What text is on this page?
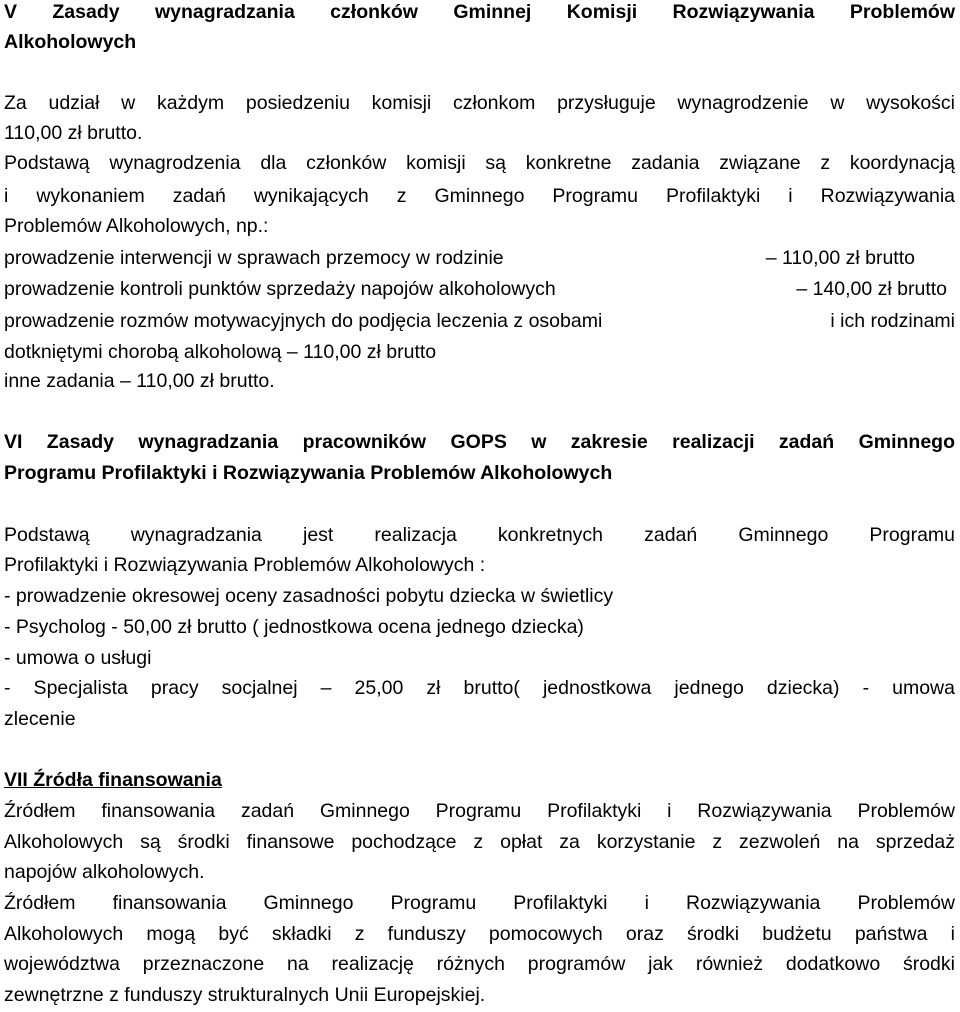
V Zasady wynagradzania członków Gminnej Komisji Rozwiązywania Problemów
Alkoholowych
Za udział w każdym posiedzeniu komisji członkom przysługuje wynagrodzenie w wysokości
110,00 zł brutto.
Podstawą wynagrodzenia dla członków komisji są konkretne zadania związane z koordynacją
i wykonaniem zadań wynikających z Gminnego Programu Profilaktyki i Rozwiązywania
Problemów Alkoholowych, np.:
prowadzenie interwencji w sprawach przemocy w rodzinie	– 110,00 zł brutto
prowadzenie kontroli punktów sprzedaży napojów alkoholowych	– 140,00 zł brutto
prowadzenie rozmów motywacyjnych do podjęcia leczenia z osobami	i ich rodzinami
dotkniętymi chorobą alkoholową – 110,00 zł brutto
inne zadania – 110,00 zł brutto.
VI Zasady wynagradzania pracowników GOPS w zakresie realizacji zadań Gminnego
Programu Profilaktyki i Rozwiązywania Problemów Alkoholowych
Podstawą wynagradzania jest realizacja konkretnych zadań Gminnego Programu
Profilaktyki i Rozwiązywania Problemów Alkoholowych :
- prowadzenie okresowej oceny zasadności pobytu dziecka w świetlicy
- Psycholog - 50,00 zł brutto ( jednostkowa ocena jednego dziecka)
- umowa o usługi
- Specjalista pracy socjalnej – 25,00 zł brutto( jednostkowa jednego dziecka) - umowa
zlecenie
VII Źródła finansowania
Źródłem finansowania zadań Gminnego Programu Profilaktyki i Rozwiązywania Problemów
Alkoholowych są środki finansowe pochodzące z opłat za korzystanie z zezwoleń na sprzedaż
napojów alkoholowych.
Źródłem finansowania Gminnego Programu Profilaktyki i Rozwiązywania Problemów
Alkoholowych mogą być składki z funduszy pomocowych oraz środki budżetu państwa i
województwa przeznaczone na realizację różnych programów jak również dodatkowo środki
zewnętrzne z funduszy strukturalnych Unii Europejskiej.
